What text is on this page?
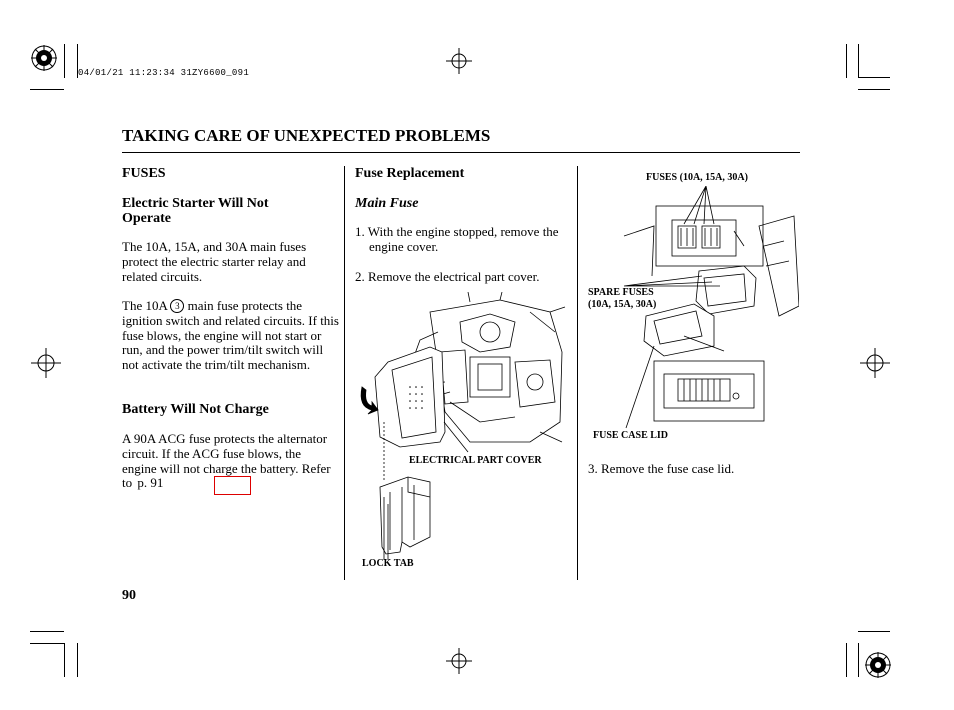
04/01/21 11:23:34 31ZY6600_091
TAKING CARE OF UNEXPECTED PROBLEMS
FUSES
Electric Starter Will Not Operate
The 10A, 15A, and 30A main fuses protect the electric starter relay and related circuits.
The 10A 3 main fuse protects the ignition switch and related circuits. If this fuse blows, the engine will not start or run, and the power trim/tilt switch will not activate the trim/tilt mechanism.
Battery Will Not Charge
A 90A ACG fuse protects the alternator circuit. If the ACG fuse blows, the engine will not charge the battery. Refer to p. 91
Fuse Replacement
Main Fuse
1. With the engine stopped, remove the engine cover.
2. Remove the electrical part cover.
ELECTRICAL PART COVER
LOCK TAB
FUSES (10A, 15A, 30A)
SPARE FUSES
(10A, 15A, 30A)
FUSE CASE LID
3. Remove the fuse case lid.
90
